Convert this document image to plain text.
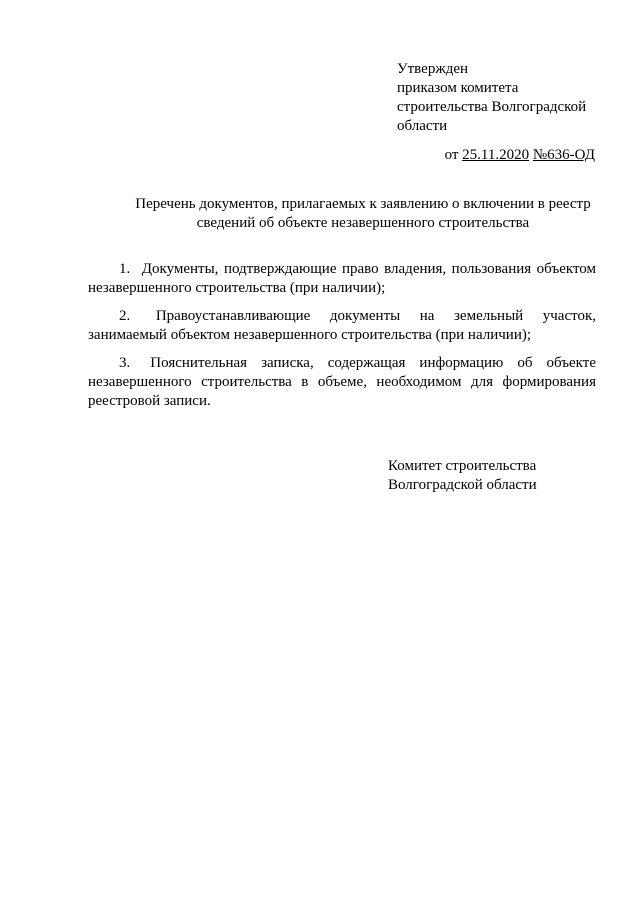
Утвержден
приказом комитета
строительства Волгоградской
области
от 25.11.2020 №636-ОД
Перечень документов, прилагаемых к заявлению о включении в реестр
сведений об объекте незавершенного строительства
1. Документы, подтверждающие право владения, пользования объектом незавершенного строительства (при наличии);
2. Правоустанавливающие документы на земельный участок, занимаемый объектом незавершенного строительства (при наличии);
3. Пояснительная записка, содержащая информацию об объекте незавершенного строительства в объеме, необходимом для формирования реестровой записи.
Комитет строительства
Волгоградской области
